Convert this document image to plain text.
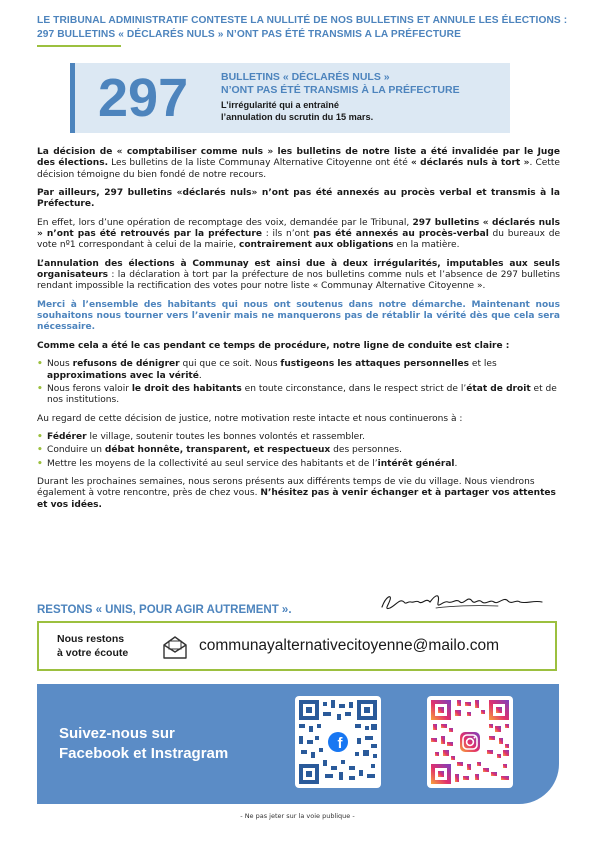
LE TRIBUNAL ADMINISTRATIF CONTESTE LA NULLITÉ DE NOS BULLETINS ET ANNULE LES ÉLECTIONS :
297 BULLETINS « DÉCLARÉS NULS » N’ONT PAS ÉTÉ TRANSMIS A LA PRÉFECTURE
297	BULLETINS « DÉCLARÉS NULS »
N’ONT PAS ÉTÉ TRANSMIS À LA PRÉFECTURE
L’irrégularité qui a entraîné
l’annulation du scrutin du 15 mars.

La décision de « comptabiliser comme nuls » les bulletins de notre liste a été invalidée par le Juge des élections. Les bulletins de la liste Communay Alternative Citoyenne ont été « déclarés nuls à tort ». Cette décision témoigne du bien fondé de notre recours.

Par ailleurs, 297 bulletins «déclarés nuls» n’ont pas été annexés au procès verbal et transmis à la Préfecture.

En effet, lors d’une opération de recomptage des voix, demandée par le Tribunal, 297 bulletins « déclarés nuls » n’ont pas été retrouvés par la préfecture : ils n’ont pas été annexés au procès-verbal du bureaux de vote nº1 correspondant à celui de la mairie, contrairement aux obligations en la matière.

L’annulation des élections à Communay est ainsi due à deux irrégularités, imputables aux seuls organisateurs : la déclaration à tort par la préfecture de nos bulletins comme nuls et l’absence de 297 bulletins rendant impossible la rectification des votes pour notre liste « Communay Alternative Citoyenne ».

Merci à l’ensemble des habitants qui nous ont soutenus dans notre démarche. Maintenant nous souhaitons nous tourner vers l’avenir mais ne manquerons pas de rétablir la vérité dès que cela sera nécessaire.

Comme cela a été le cas pendant ce temps de procédure, notre ligne de conduite est claire :

• Nous refusons de dénigrer qui que ce soit. Nous fustigeons les attaques personnelles et les approximations avec la vérité.
• Nous ferons valoir le droit des habitants en toute circonstance, dans le respect strict de l’état de droit et de nos institutions.

Au regard de cette décision de justice, notre motivation reste intacte et nous continuerons à :

• Fédérer le village, soutenir toutes les bonnes volontés et rassembler.
• Conduire un débat honnête, transparent, et respectueux des personnes.
• Mettre les moyens de la collectivité au seul service des habitants et de l’intérêt général.

Durant les prochaines semaines, nous serons présents aux différents temps de vie du village. Nous viendrons également à votre rencontre, près de chez vous. N’hésitez pas à venir échanger et à partager vos attentes et vos idées.

RESTONS « UNIS, POUR AGIR AUTREMENT ».
Nous restons
à votre écoute	communayalternativecitoyenne@mailo.com
Suivez-nous sur
Facebook et Instragram
f
- Ne pas jeter sur la voie publique -
